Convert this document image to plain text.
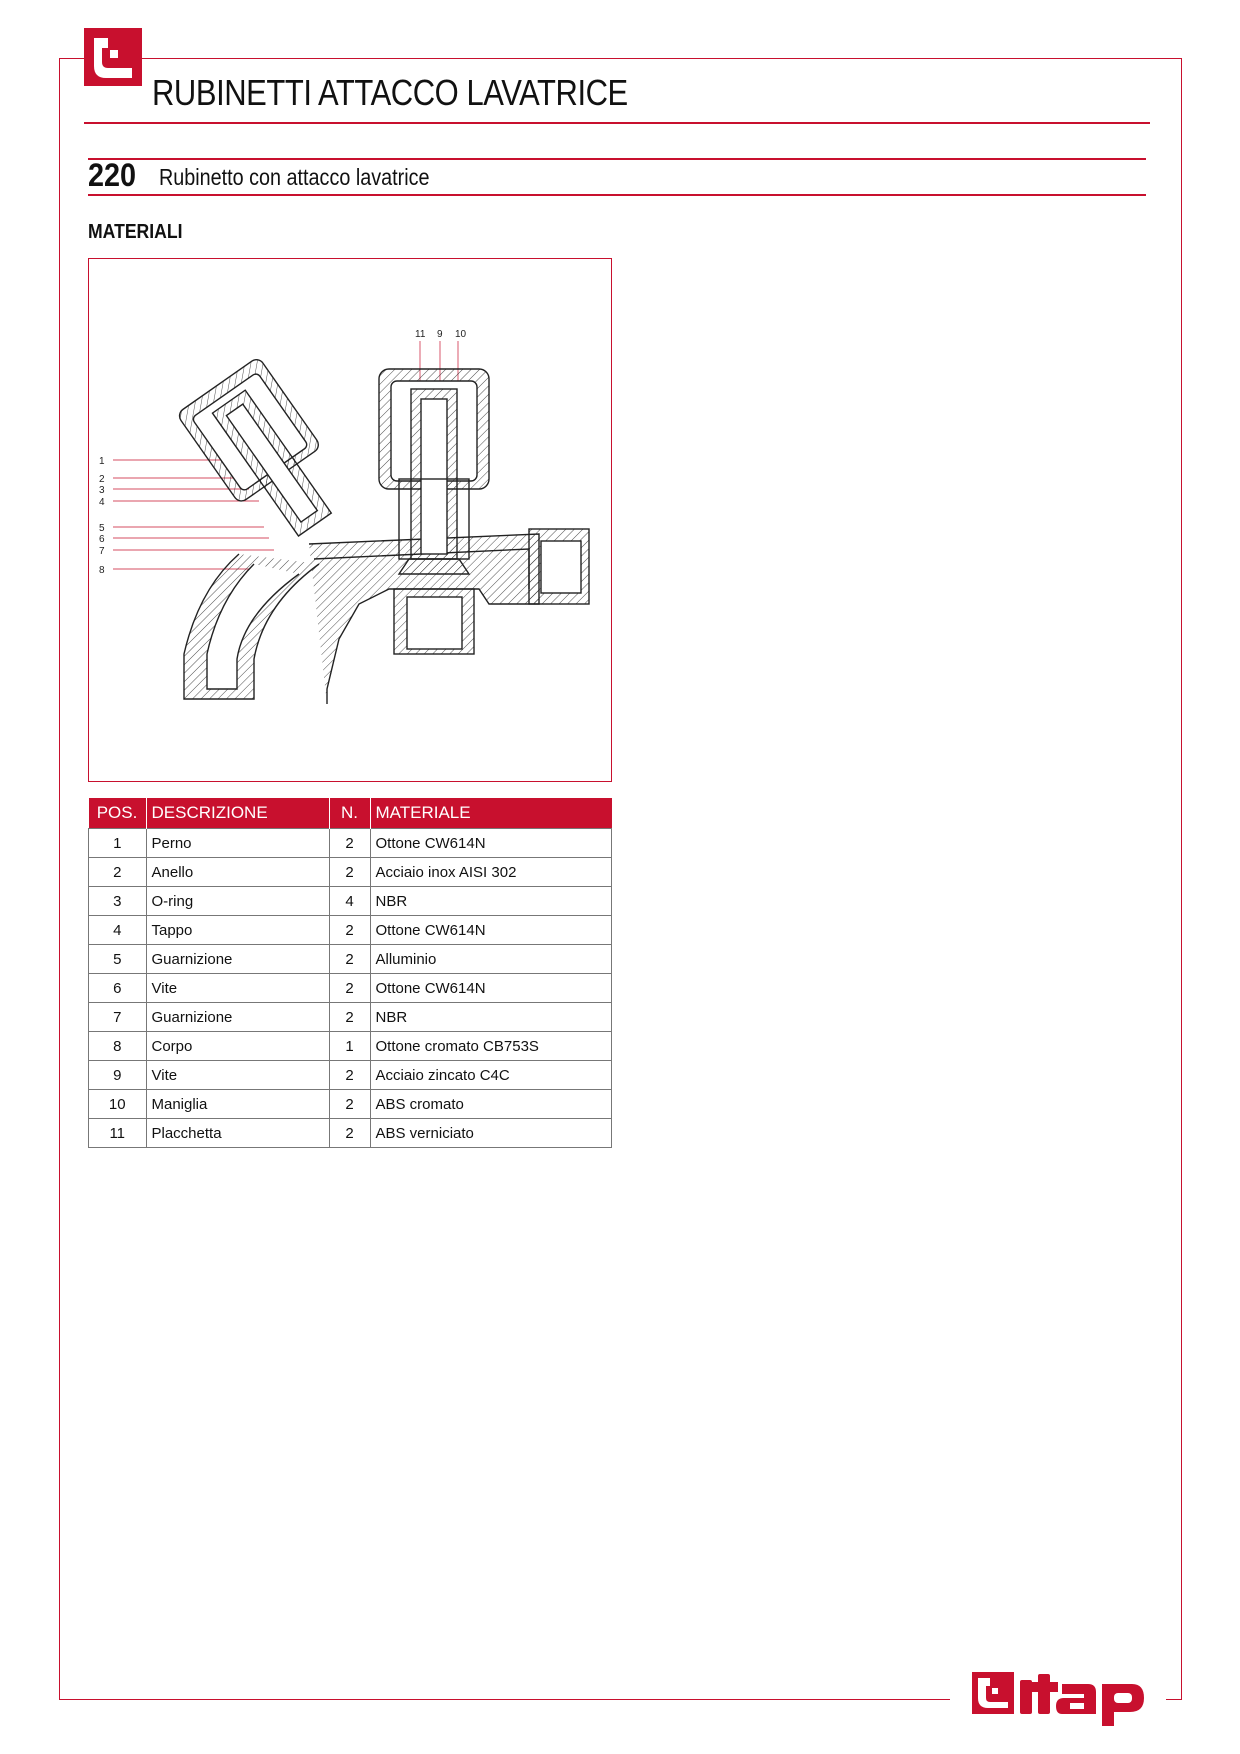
RUBINETTI ATTACCO LAVATRICE
220 Rubinetto con attacco lavatrice
MATERIALI
1
2
3
4
5
6
7
8
11 9 10
POS.	DESCRIZIONE	N.	MATERIALE
1	Perno	2	Ottone CW614N
2	Anello	2	Acciaio inox AISI 302
3	O-ring	4	NBR
4	Tappo	2	Ottone CW614N
5	Guarnizione	2	Alluminio
6	Vite	2	Ottone CW614N
7	Guarnizione	2	NBR
8	Corpo	1	Ottone cromato CB753S
9	Vite	2	Acciaio zincato C4C
10	Maniglia	2	ABS cromato
11	Placchetta	2	ABS verniciato
